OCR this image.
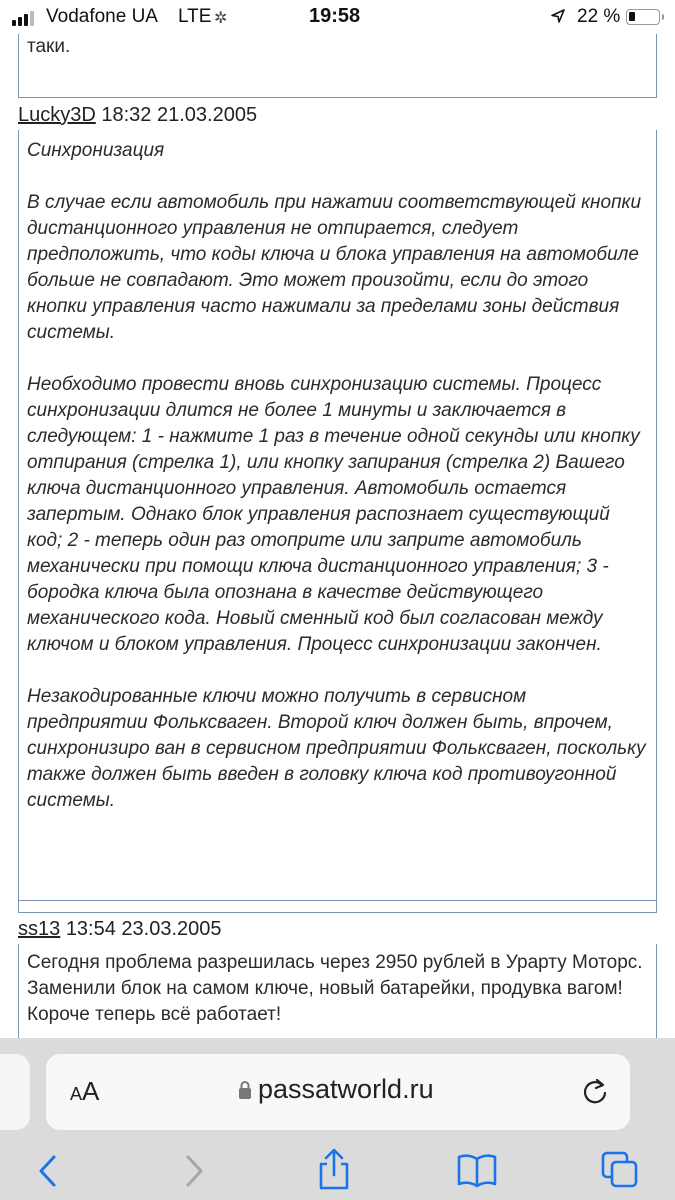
Vodafone UA LTE ✲	19:58	22 %
таки.
Lucky3D 18:32 21.03.2005
Синхронизация
В случае если автомобиль при нажатии соответствующей кнопки дистанционного управления не отпирается, следует предположить, что коды ключа и блока управления на автомобиле больше не совпадают. Это может произойти, если до этого кнопки управления часто нажимали за пределами зоны действия системы.
Необходимо провести вновь синхронизацию системы. Процесс синхронизации длится не более 1 минуты и заключается в следующем: 1 - нажмите 1 раз в течение одной секунды или кнопку отпирания (стрелка 1), или кнопку запирания (стрелка 2) Вашего ключа дистанционного управления. Автомобиль остается запертым. Однако блок управления распознает существующий код; 2 - теперь один раз отоприте или заприте автомобиль механически при помощи ключа дистанционного управления; 3 - бородка ключа была опознана в качестве действующего механического кода. Новый сменный код был согласован между ключом и блоком управления. Процесс синхронизации закончен.
Незакодированные ключи можно получить в сервисном предприятии Фольксваген. Второй ключ должен быть, впрочем, синхронизиро ван в сервисном предприятии Фольксваген, поскольку также должен быть введен в головку ключа код противоугонной системы.
ss13 13:54 23.03.2005
Сегодня проблема разрешилась через 2950 рублей в Урарту Моторс. Заменили блок на самом ключе, новый батарейки, продувка вагом! Короче теперь всё работает!
AA	passatworld.ru
